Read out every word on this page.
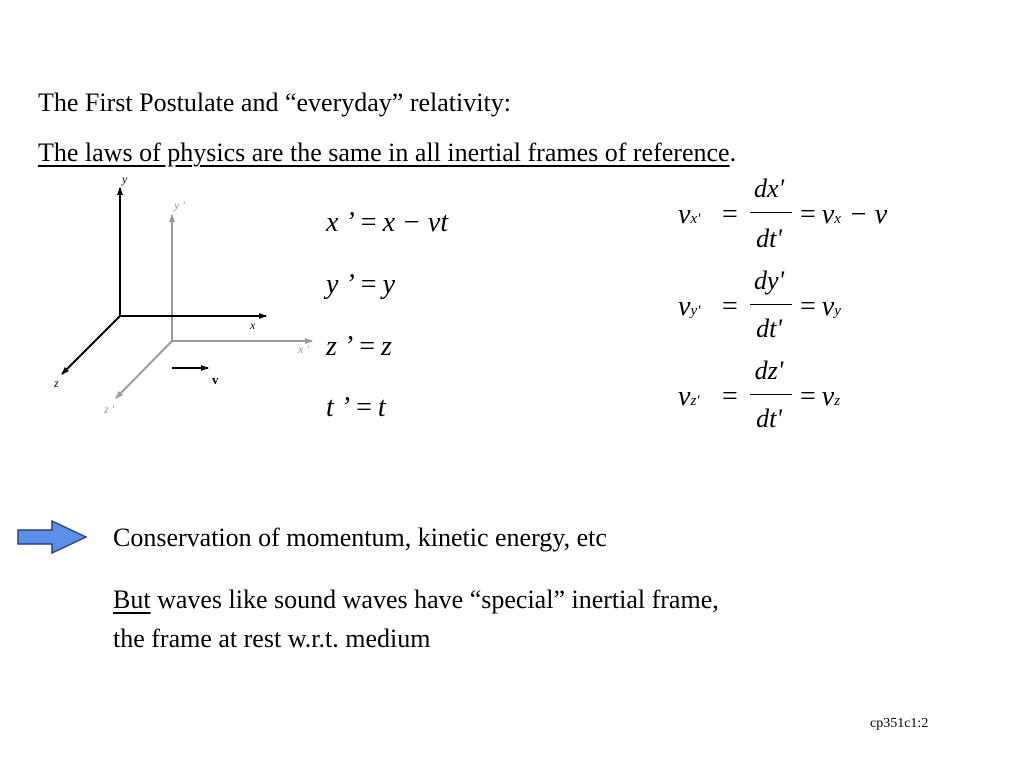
The First Postulate and “everyday” relativity:
The laws of physics are the same in all inertial frames of reference.
y
x
z
y '
x '
z '
v
x ’ = x − vt
y ’ = y
z ’ = z
t ’ = t
vx' =
dx'
dt'
= vx − v
vy' =
dy'
dt'
= vy
vz' =
dz'
dt'
= vz
Conservation of momentum, kinetic energy, etc
But waves like sound waves have “special” inertial frame,
the frame at rest w.r.t. medium
cp351c1:2
